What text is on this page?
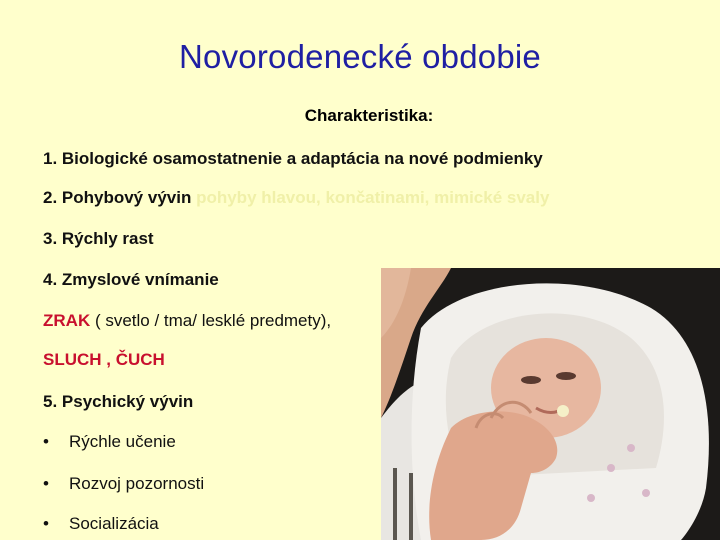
Novorodenecké obdobie
Charakteristika:
1. Biologické osamostatnenie a adaptácia na nové podmienky
2. Pohybový vývin pohyby hlavou, končatinami, mimické svaly
3. Rýchly rast
4. Zmyslové vnímanie
ZRAK ( svetlo / tma/ lesklé predmety),
SLUCH , ČUCH
5. Psychický vývin
• Rýchle učenie
• Rozvoj pozornosti
• Socializácia
